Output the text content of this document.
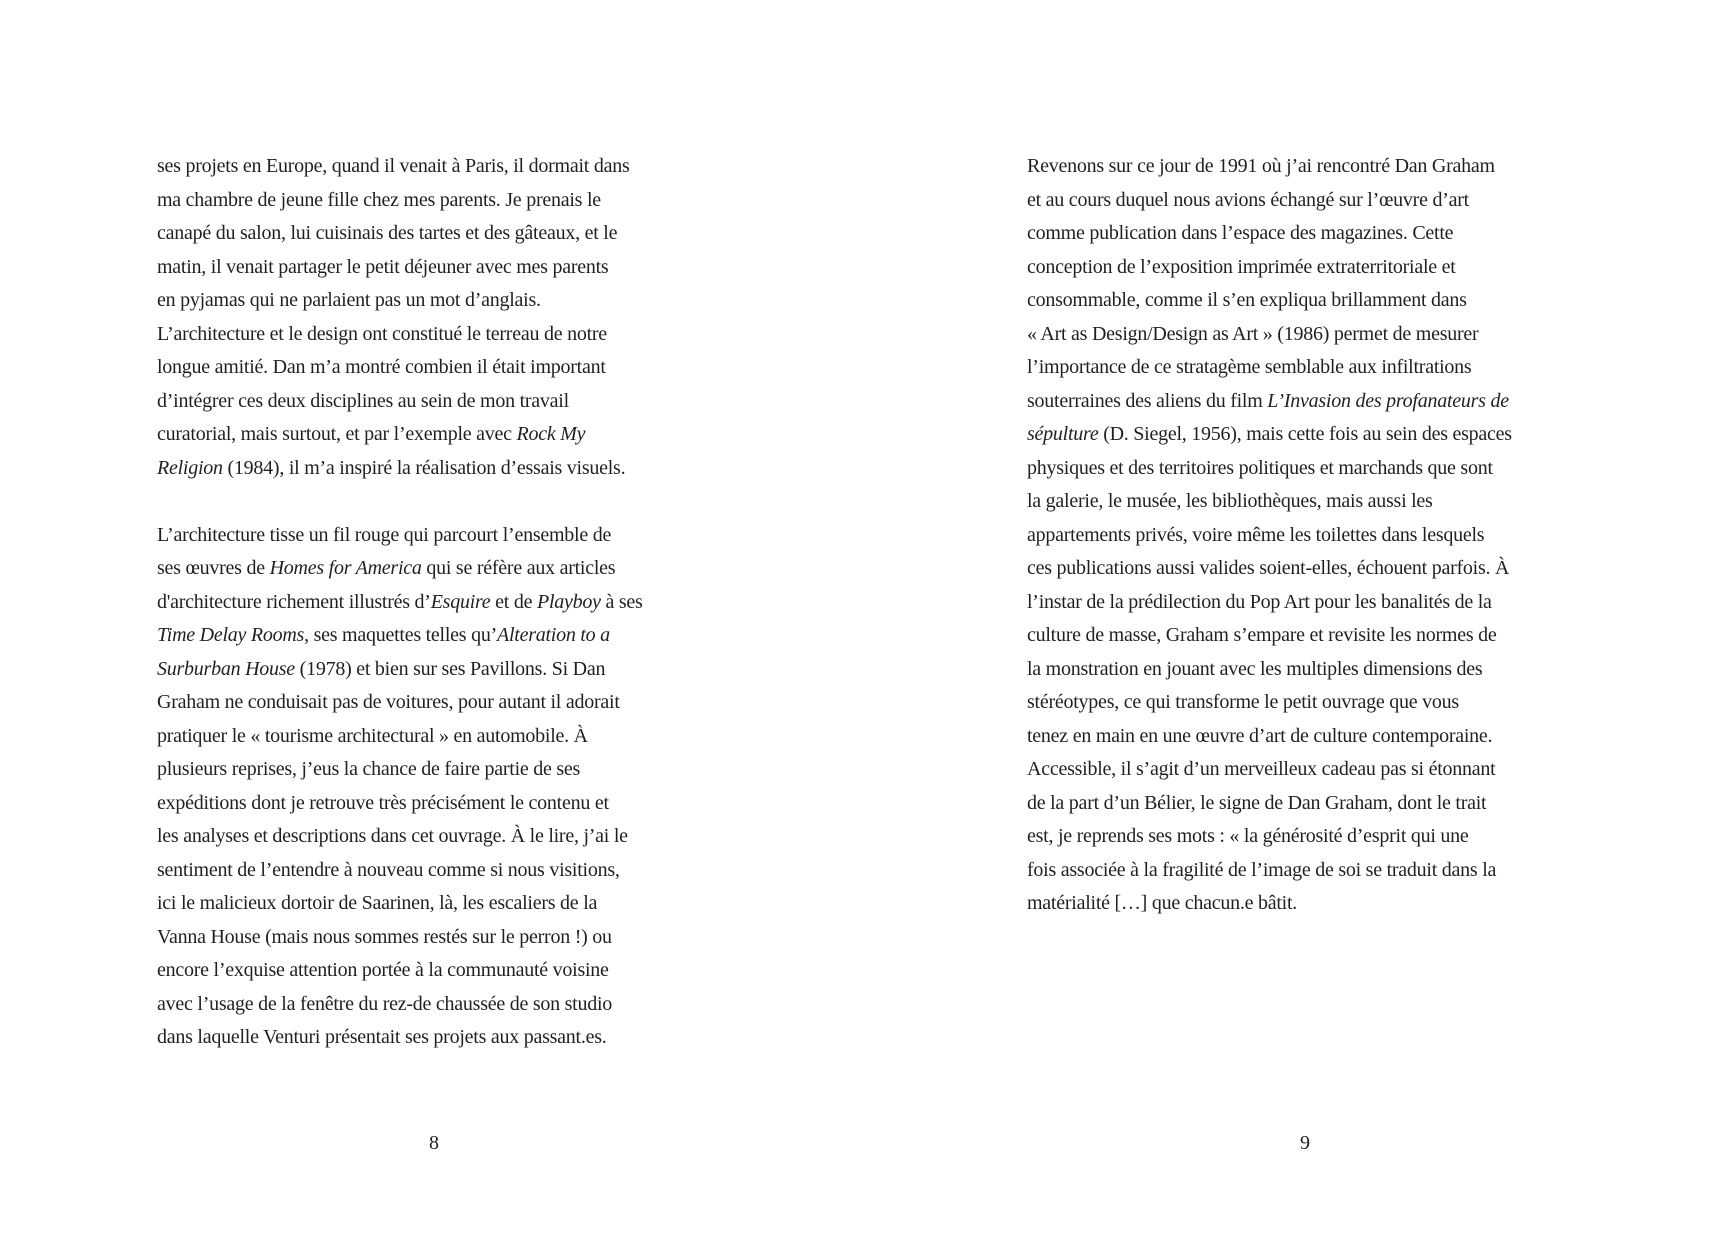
ses projets en Europe, quand il venait à Paris, il dormait dans
ma chambre de jeune fille chez mes parents. Je prenais le
canapé du salon, lui cuisinais des tartes et des gâteaux, et le
matin, il venait partager le petit déjeuner avec mes parents
en pyjamas qui ne parlaient pas un mot d’anglais.
L’architecture et le design ont constitué le terreau de notre
longue amitié. Dan m’a montré combien il était important
d’intégrer ces deux disciplines au sein de mon travail
curatorial, mais surtout, et par l’exemple avec Rock My
Religion (1984), il m’a inspiré la réalisation d’essais visuels.
L’architecture tisse un fil rouge qui parcourt l’ensemble de
ses œuvres de Homes for America qui se réfère aux articles
d'architecture richement illustrés d’Esquire et de Playboy à ses
Time Delay Rooms, ses maquettes telles qu’Alteration to a
Surburban House (1978) et bien sur ses Pavillons. Si Dan
Graham ne conduisait pas de voitures, pour autant il adorait
pratiquer le « tourisme architectural » en automobile. À
plusieurs reprises, j’eus la chance de faire partie de ses
expéditions dont je retrouve très précisément le contenu et
les analyses et descriptions dans cet ouvrage. À le lire, j’ai le
sentiment de l’entendre à nouveau comme si nous visitions,
ici le malicieux dortoir de Saarinen, là, les escaliers de la
Vanna House (mais nous sommes restés sur le perron !) ou
encore l’exquise attention portée à la communauté voisine
avec l’usage de la fenêtre du rez-de chaussée de son studio
dans laquelle Venturi présentait ses projets aux passant.es.
8
Revenons sur ce jour de 1991 où j’ai rencontré Dan Graham
et au cours duquel nous avions échangé sur l’œuvre d’art
comme publication dans l’espace des magazines. Cette
conception de l’exposition imprimée extraterritoriale et
consommable, comme il s’en expliqua brillamment dans
« Art as Design/Design as Art » (1986) permet de mesurer
l’importance de ce stratagème semblable aux infiltrations
souterraines des aliens du film L’Invasion des profanateurs de
sépulture (D. Siegel, 1956), mais cette fois au sein des espaces
physiques et des territoires politiques et marchands que sont
la galerie, le musée, les bibliothèques, mais aussi les
appartements privés, voire même les toilettes dans lesquels
ces publications aussi valides soient-elles, échouent parfois. À
l’instar de la prédilection du Pop Art pour les banalités de la
culture de masse, Graham s’empare et revisite les normes de
la monstration en jouant avec les multiples dimensions des
stéréotypes, ce qui transforme le petit ouvrage que vous
tenez en main en une œuvre d’art de culture contemporaine.
Accessible, il s’agit d’un merveilleux cadeau pas si étonnant
de la part d’un Bélier, le signe de Dan Graham, dont le trait
est, je reprends ses mots : « la générosité d’esprit qui une
fois associée à la fragilité de l’image de soi se traduit dans la
matérialité […] que chacun.e bâtit.
9
